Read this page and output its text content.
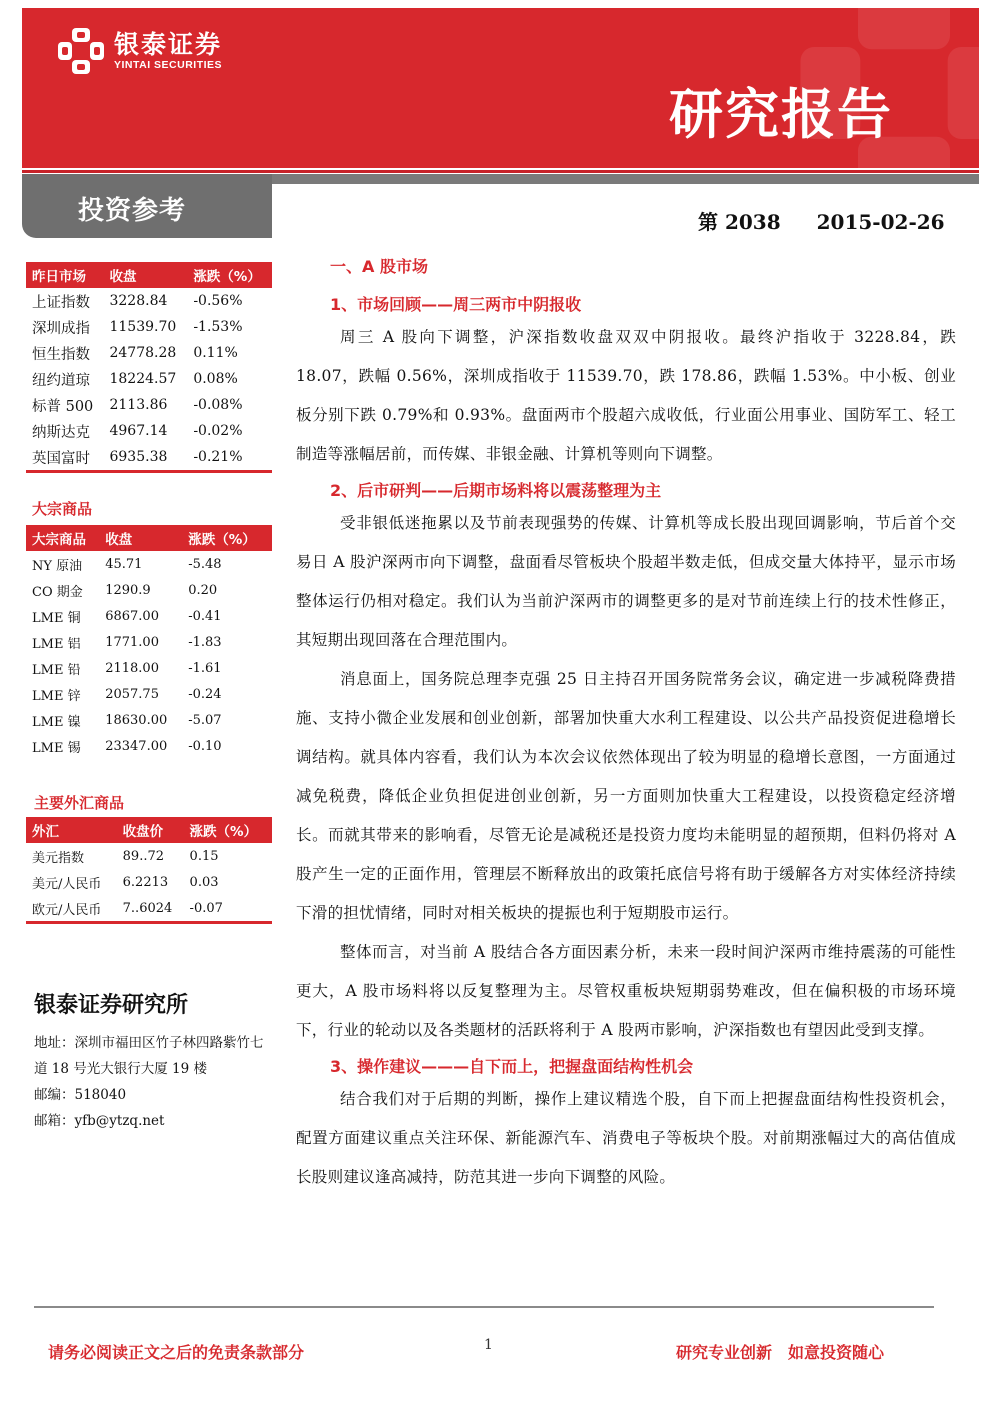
银泰证券
YINTAI SECURITIES
研究报告
投资参考	第 2038 2015-02-26
昨日市场	收盘	涨跌（%）
上证指数	3228.84	-0.56%
深圳成指	11539.70	-1.53%
恒生指数	24778.28	0.11%
纽约道琼	18224.57	0.08%
标普 500	2113.86	-0.08%
纳斯达克	4967.14	-0.02%
英国富时	6935.38	-0.21%
大宗商品
大宗商品	收盘	涨跌（%）
NY 原油	45.71	-5.48
CO 期金	1290.9	0.20
LME 铜	6867.00	-0.41
LME 铝	1771.00	-1.83
LME 铅	2118.00	-1.61
LME 锌	2057.75	-0.24
LME 镍	18630.00	-5.07
LME 锡	23347.00	-0.10
主要外汇商品
外汇	收盘价	涨跌（%）
美元指数	89..72	0.15
美元/人民币	6.2213	0.03
欧元/人民币	7..6024	-0.07
银泰证券研究所
地址：深圳市福田区竹子林四路紫竹七道 18 号光大银行大厦 19 楼
邮编：518040
邮箱：yfb@ytzq.net
一、A 股市场
1、市场回顾——周三两市中阴报收

周三 A 股向下调整，沪深指数收盘双双中阴报收。最终沪指收于 3228.84，跌 18.07，跌幅 0.56%，深圳成指收于 11539.70，跌 178.86，跌幅 1.53%。中小板、创业板分别下跌 0.79%和 0.93%。盘面两市个股超六成收低，行业面公用事业、国防军工、轻工制造等涨幅居前，而传媒、非银金融、计算机等则向下调整。

2、后市研判——后期市场料将以震荡整理为主

受非银低迷拖累以及节前表现强势的传媒、计算机等成长股出现回调影响，节后首个交易日 A 股沪深两市向下调整，盘面看尽管板块个股超半数走低，但成交量大体持平，显示市场整体运行仍相对稳定。我们认为当前沪深两市的调整更多的是对节前连续上行的技术性修正，其短期出现回落在合理范围内。

消息面上，国务院总理李克强 25 日主持召开国务院常务会议，确定进一步减税降费措施、支持小微企业发展和创业创新，部署加快重大水利工程建设、以公共产品投资促进稳增长调结构。就具体内容看，我们认为本次会议依然体现出了较为明显的稳增长意图，一方面通过减免税费，降低企业负担促进创业创新，另一方面则加快重大工程建设，以投资稳定经济增长。而就其带来的影响看，尽管无论是减税还是投资力度均未能明显的超预期，但料仍将对 A 股产生一定的正面作用，管理层不断释放出的政策托底信号将有助于缓解各方对实体经济持续下滑的担忧情绪，同时对相关板块的提振也利于短期股市运行。

整体而言，对当前 A 股结合各方面因素分析，未来一段时间沪深两市维持震荡的可能性更大，A 股市场料将以反复整理为主。尽管权重板块短期弱势难改，但在偏积极的市场环境下，行业的轮动以及各类题材的活跃将利于 A 股两市影响，沪深指数也有望因此受到支撑。

3、操作建议———自下而上，把握盘面结构性机会

结合我们对于后期的判断，操作上建议精选个股，自下而上把握盘面结构性投资机会，配置方面建议重点关注环保、新能源汽车、消费电子等板块个股。对前期涨幅过大的高估值成长股则建议逢高减持，防范其进一步向下调整的风险。

请务必阅读正文之后的免责条款部分	1	研究专业创新　如意投资随心
